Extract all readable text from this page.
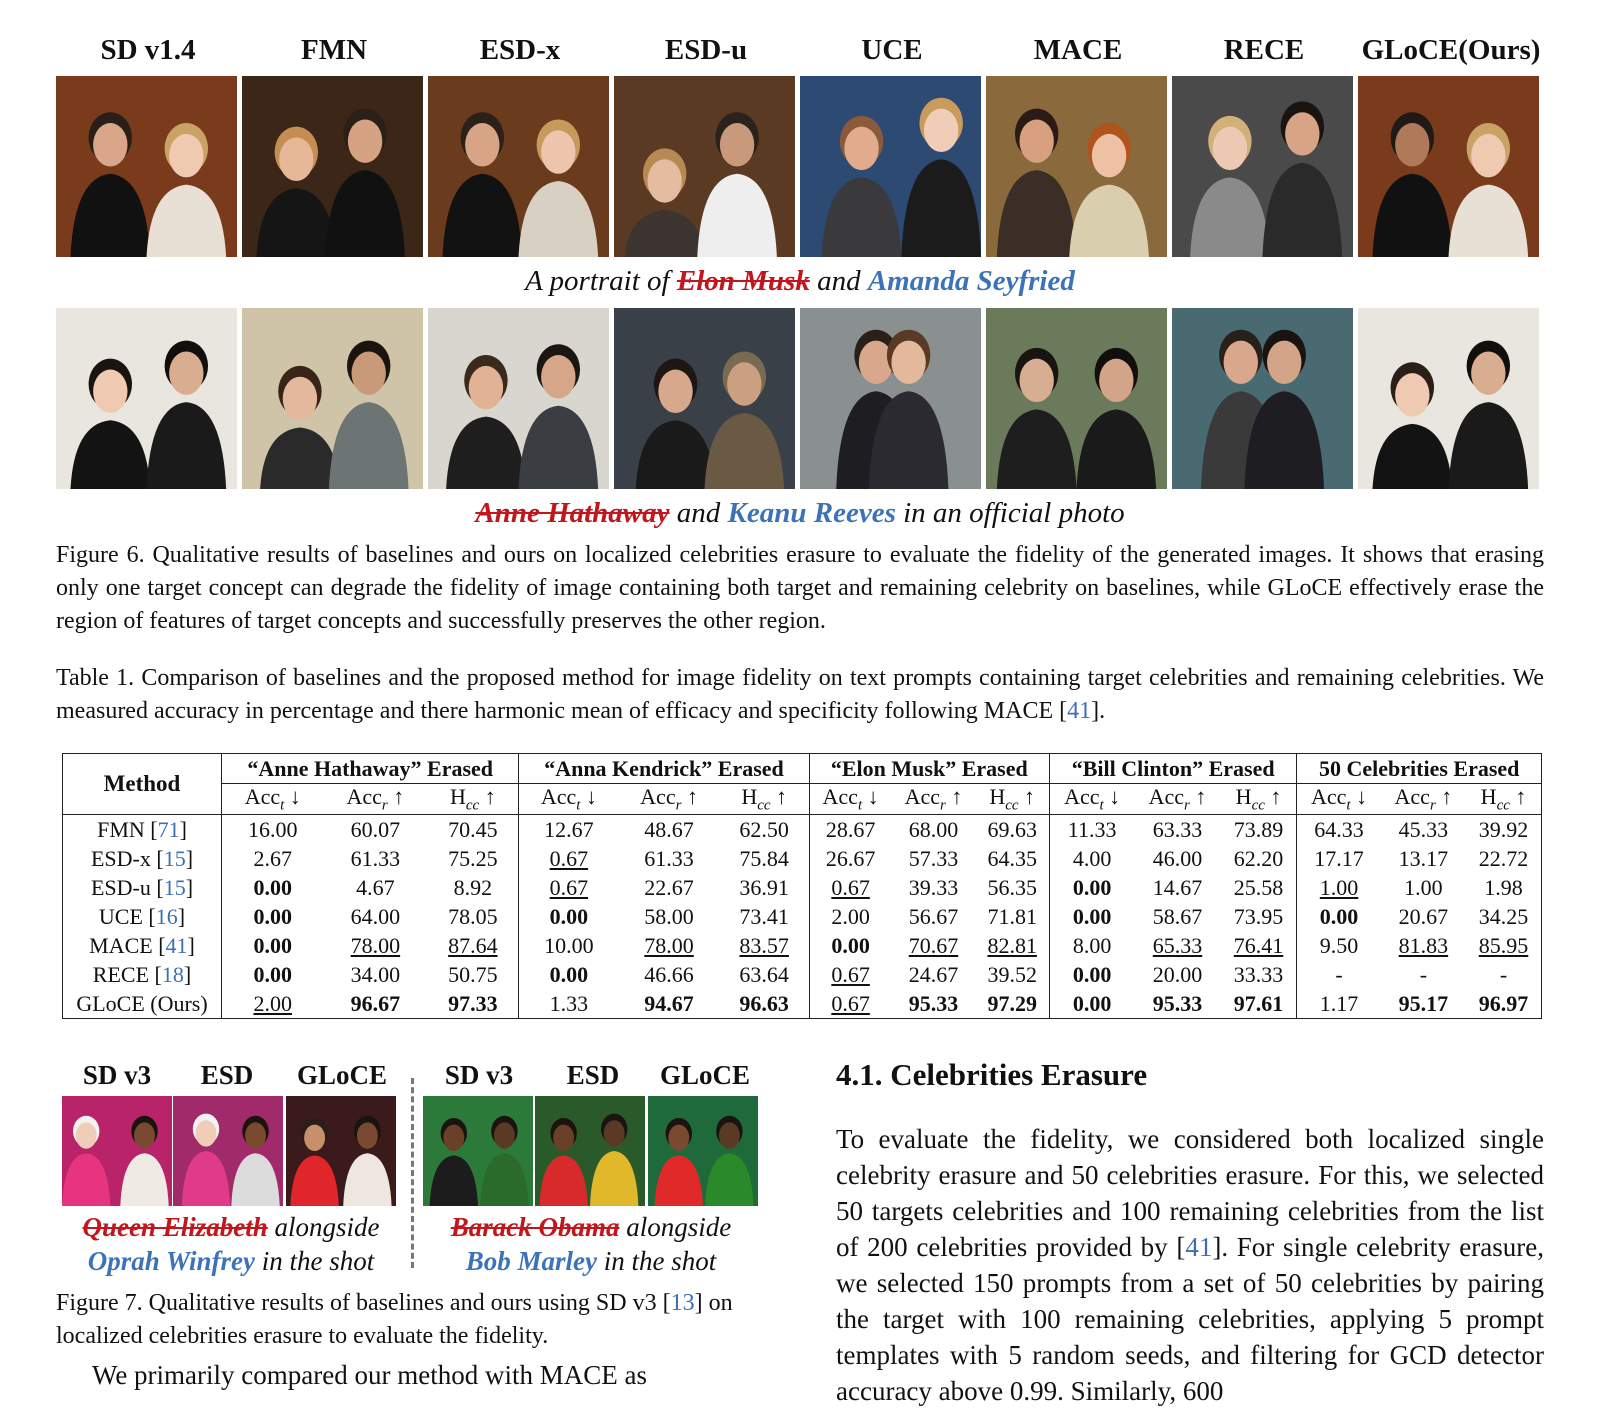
SD v1.4	FMN	ESD-x	ESD-u	UCE	MACE	RECE	GLoCE(Ours)
A portrait of Elon Musk and Amanda Seyfried
Anne Hathaway and Keanu Reeves in an official photo
Figure 6. Qualitative results of baselines and ours on localized celebrities erasure to evaluate the fidelity of the generated images. It shows that erasing only one target concept can degrade the fidelity of image containing both target and remaining celebrity on baselines, while GLoCE effectively erase the region of features of target concepts and successfully preserves the other region.
Table 1. Comparison of baselines and the proposed method for image fidelity on text prompts containing target celebrities and remaining celebrities. We measured accuracy in percentage and there harmonic mean of efficacy and specificity following MACE [41].
Method	“Anne Hathaway” Erased			“Anna Kendrick” Erased			“Elon Musk” Erased			“Bill Clinton” Erased			50 Celebrities Erased		
	Acc$_t$ ↓	Acc$_r$ ↑	$H_{cc}$ ↑	Acc$_t$ ↓	Acc$_r$ ↑	$H_{cc}$ ↑	Acc$_t$ ↓	Acc$_r$ ↑	$H_{cc}$ ↑	Acc$_t$ ↓	Acc$_r$ ↑	$H_{cc}$ ↑	Acc$_t$ ↓	Acc$_r$ ↑	$H_{cc}$ ↑
FMN [71]	16.00	60.07	70.45	12.67	48.67	62.50	28.67	68.00	69.63	11.33	63.33	73.89	64.33	45.33	39.92
ESD-x [15]	2.67	61.33	75.25	0.67	61.33	75.84	26.67	57.33	64.35	4.00	46.00	62.20	17.17	13.17	22.72
ESD-u [15]	0.00	4.67	8.92	0.67	22.67	36.91	0.67	39.33	56.35	0.00	14.67	25.58	1.00	1.00	1.98
UCE [16]	0.00	64.00	78.05	0.00	58.00	73.41	2.00	56.67	71.81	0.00	58.67	73.95	0.00	20.67	34.25
MACE [41]	0.00	78.00	87.64	10.00	78.00	83.57	0.00	70.67	82.81	8.00	65.33	76.41	9.50	81.83	85.95
RECE [18]	0.00	34.00	50.75	0.00	46.66	63.64	0.67	24.67	39.52	0.00	20.00	33.33	-	-	-
GLoCE (Ours)	2.00	96.67	97.33	1.33	94.67	96.63	0.67	95.33	97.29	0.00	95.33	97.61	1.17	95.17	96.97
SD v3	ESD	GLoCE	SD v3	ESD	GLoCE
Queen Elizabeth alongside
Oprah Winfrey in the shot
Barack Obama alongside
Bob Marley in the shot
Figure 7. Qualitative results of baselines and ours using SD v3 [13] on localized celebrities erasure to evaluate the fidelity.
We primarily compared our method with MACE as
4.1. Celebrities Erasure
To evaluate the fidelity, we considered both localized single celebrity erasure and 50 celebrities erasure. For this, we selected 50 targets celebrities and 100 remaining celebrities from the list of 200 celebrities provided by [41]. For single celebrity erasure, we selected 150 prompts from a set of 50 celebrities by pairing the target with 100 remaining celebrities, applying 5 prompt templates with 5 random seeds, and filtering for GCD detector accuracy above 0.99. Similarly, 600
